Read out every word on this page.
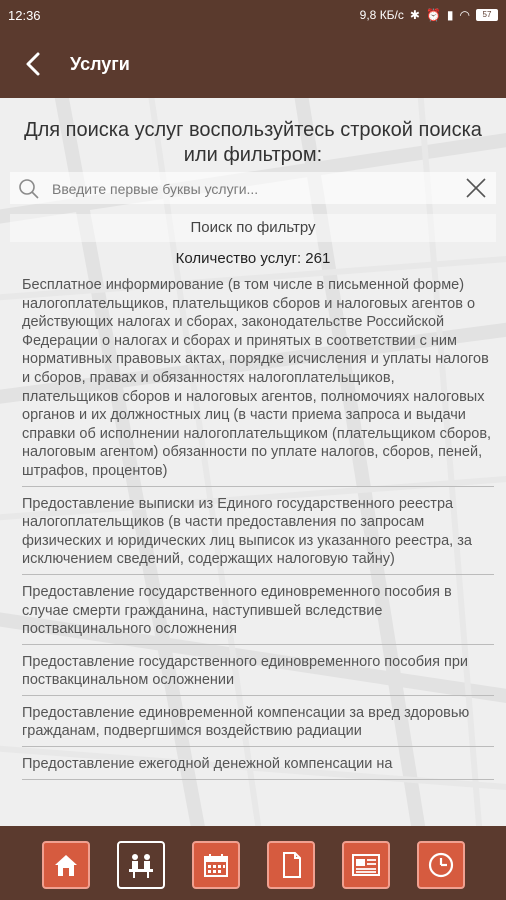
12:36	9,8 КБ/с ✱ ⏰ ▮ ◠	57
Услуги
Для поиска услуг воспользуйтесь строкой поиска или фильтром:
Введите первые буквы услуги...
Поиск по фильтру
Количество услуг: 261
Бесплатное информирование (в том числе в письменной форме) налогоплательщиков, плательщиков сборов и налоговых агентов о действующих налогах и сборах, законодательстве Российской Федерации о налогах и сборах и принятых в соответствии с ним нормативных правовых актах, порядке исчисления и уплаты налогов и сборов, правах и обязанностях налогоплательщиков, плательщиков сборов и налоговых агентов, полномочиях налоговых органов и их должностных лиц (в части приема запроса и выдачи справки об исполнении налогоплательщиком (плательщиком сборов, налоговым агентом) обязанности по уплате налогов, сборов, пеней, штрафов, процентов)
Предоставление выписки из Единого государственного реестра налогоплательщиков (в части предоставления по запросам физических и юридических лиц выписок из указанного реестра, за исключением сведений, содержащих налоговую тайну)
Предоставление государственного единовременного пособия в случае смерти гражданина, наступившей вследствие поствакцинального осложнения
Предоставление государственного единовременного пособия при поствакцинальном осложнении
Предоставление единовременной компенсации за вред здоровью гражданам, подвергшимся воздействию радиации
Предоставление ежегодной денежной компенсации на
